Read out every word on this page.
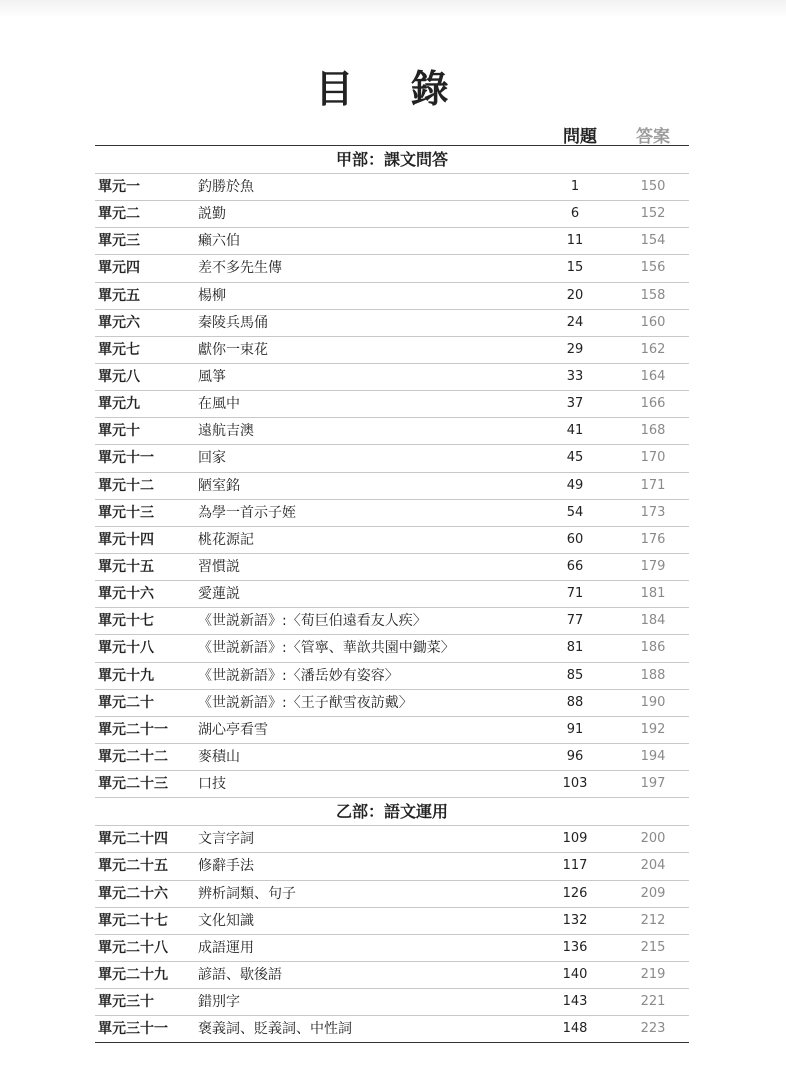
目 錄
問題 答案
甲部：課文問答
單元一	釣勝於魚	1	150
單元二	説勤	6	152
單元三	癩六伯	11	154
單元四	差不多先生傳	15	156
單元五	楊柳	20	158
單元六	秦陵兵馬俑	24	160
單元七	獻你一束花	29	162
單元八	風箏	33	164
單元九	在風中	37	166
單元十	遠航吉澳	41	168
單元十一	回家	45	170
單元十二	陋室銘	49	171
單元十三	為學一首示子姪	54	173
單元十四	桃花源記	60	176
單元十五	習慣説	66	179
單元十六	愛蓮説	71	181
單元十七	《世説新語》:〈荀巨伯遠看友人疾〉	77	184
單元十八	《世説新語》:〈管寧、華歆共園中鋤菜〉	81	186
單元十九	《世説新語》:〈潘岳妙有姿容〉	85	188
單元二十	《世説新語》:〈王子猷雪夜訪戴〉	88	190
單元二十一 湖心亭看雪	91	192
單元二十二 麥積山	96	194
單元二十三 口技	103	197
乙部：語文運用
單元二十四 文言字詞	109	200
單元二十五 修辭手法	117	204
單元二十六 辨析詞類、句子	126	209
單元二十七 文化知識	132	212
單元二十八 成語運用	136	215
單元二十九 諺語、歇後語	140	219
單元三十	錯別字	143	221
單元三十一 褒義詞、貶義詞、中性詞	148	223
